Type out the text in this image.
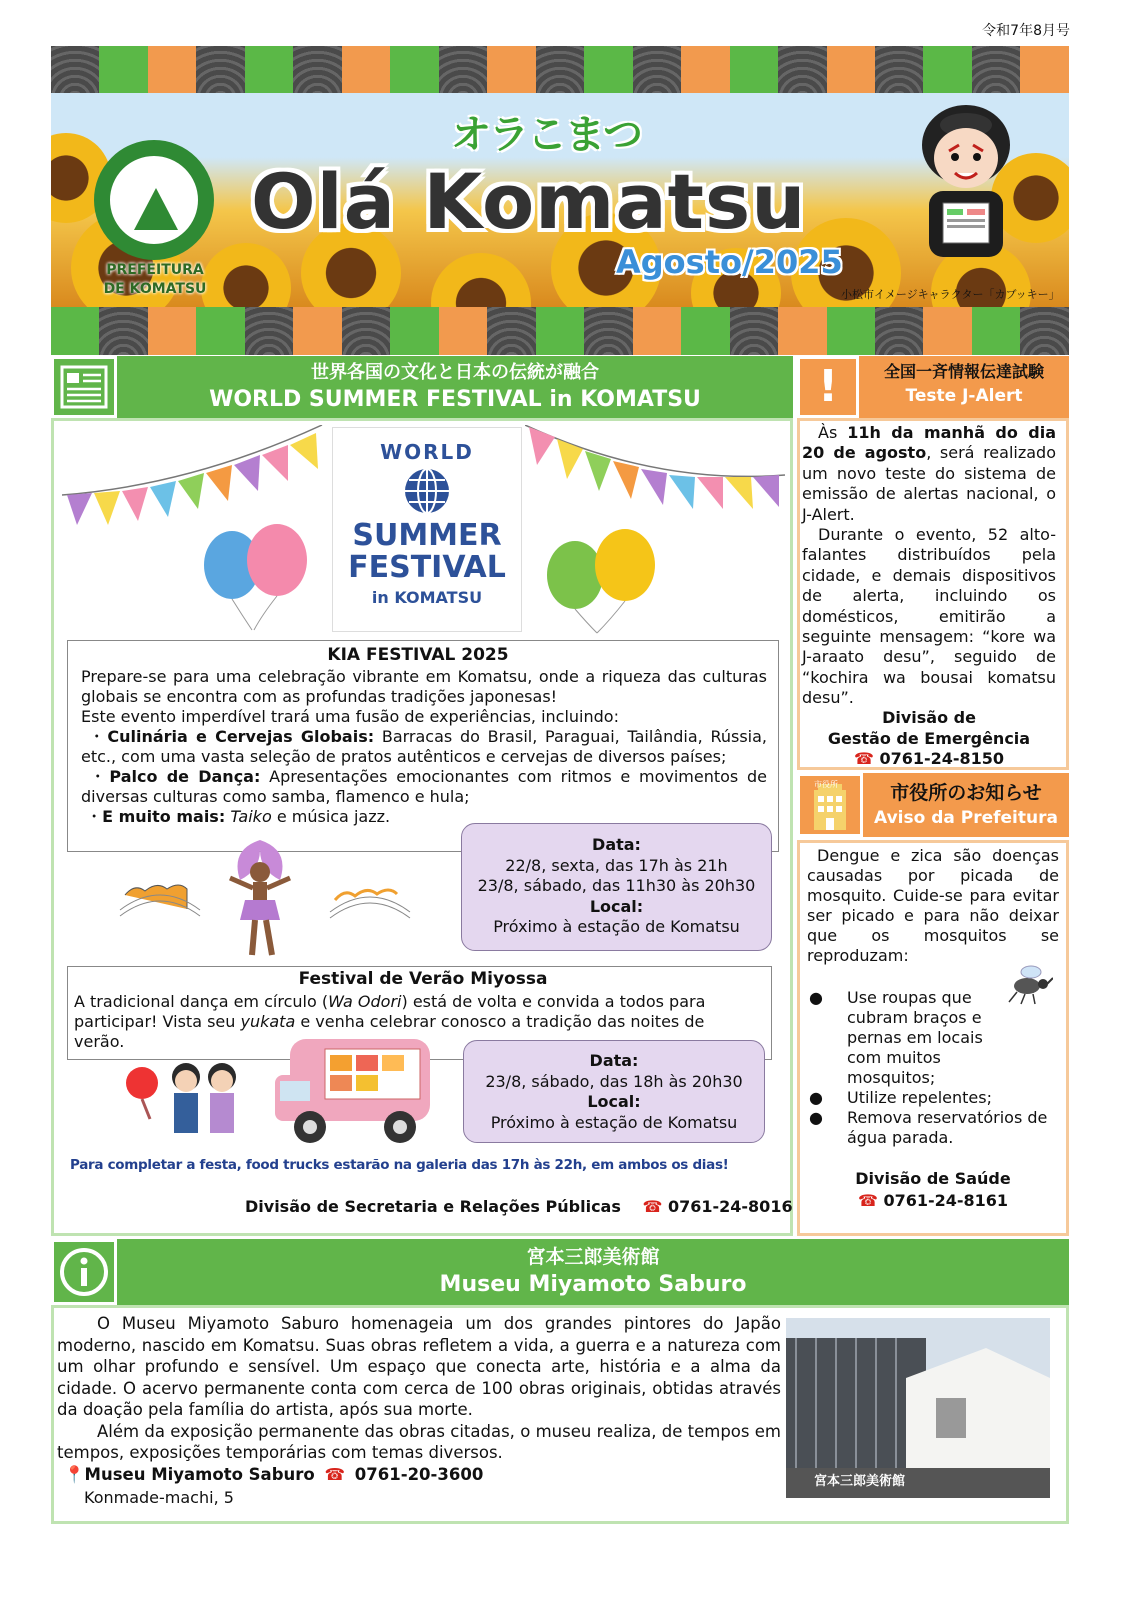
令和7年8月号
PREFEITURA
DE KOMATSU
オラこまつ
Olá Komatsu
Agosto/2025
小松市イメージキャラクター「カブッキー」
世界各国の文化と日本の伝統が融合
WORLD SUMMER FESTIVAL in KOMATSU
WORLD
SUMMER
FESTIVAL
in KOMATSU
KIA FESTIVAL 2025
Prepare-se para uma celebração vibrante em Komatsu, onde a riqueza das culturas globais se encontra com as profundas tradições japonesas!
Este evento imperdível trará uma fusão de experiências, incluindo:
・Culinária e Cervejas Globais: Barracas do Brasil, Paraguai, Tailândia, Rússia, etc., com uma vasta seleção de pratos autênticos e cervejas de diversos países;
・Palco de Dança: Apresentações emocionantes com ritmos e movimentos de diversas culturas como samba, flamenco e hula;
・E muito mais: Taiko e música jazz.
Data:
22/8, sexta, das 17h às 21h
23/8, sábado, das 11h30 às 20h30
Local:
Próximo à estação de Komatsu
Festival de Verão Miyossa
A tradicional dança em círculo (Wa Odori) está de volta e convida a todos para participar! Vista seu yukata e venha celebrar conosco a tradição das noites de verão.
Data:
23/8, sábado, das 18h às 20h30
Local:
Próximo à estação de Komatsu
Para completar a festa, food trucks estarão na galeria das 17h às 22h, em ambos os dias!
Divisão de Secretaria e Relações Públicas ☎ 0761-24-8016
!	全国一斉情報伝達試験
Teste J-Alert
Às 11h da manhã do dia 20 de agosto, será realizado um novo teste do sistema de emissão de alertas nacional, o J-Alert.
Durante o evento, 52 alto-falantes distribuídos pela cidade, e demais dispositivos de alerta, incluindo os domésticos, emitirão a seguinte mensagem: “kore wa J-araato desu”, seguido de “kochira wa bousai komatsu desu”.
Divisão de
Gestão de Emergência
☎ 0761-24-8150
市役所	市役所のお知らせ
Aviso da Prefeitura
Dengue e zica são doenças causadas por picada de mosquito. Cuide-se para evitar ser picado e para não deixar que os mosquitos se reproduzam:
●	Use roupas que cubram braços e pernas em locais com muitos mosquitos;
●	Utilize repelentes;
●	Remova reservatórios de água parada.
Divisão de Saúde
☎ 0761-24-8161
宮本三郎美術館
Museu Miyamoto Saburo
O Museu Miyamoto Saburo homenageia um dos grandes pintores do Japão moderno, nascido em Komatsu. Suas obras refletem a vida, a guerra e a natureza com um olhar profundo e sensível. Um espaço que conecta arte, história e a alma da cidade. O acervo permanente conta com cerca de 100 obras originais, obtidas através da doação pela família do artista, após sua morte.
Além da exposição permanente das obras citadas, o museu realiza, de tempos em tempos, exposições temporárias com temas diversos.
📍Museu Miyamoto Saburo ☎ 0761-20-3600
Konmade-machi, 5
宮本三郎美術館
